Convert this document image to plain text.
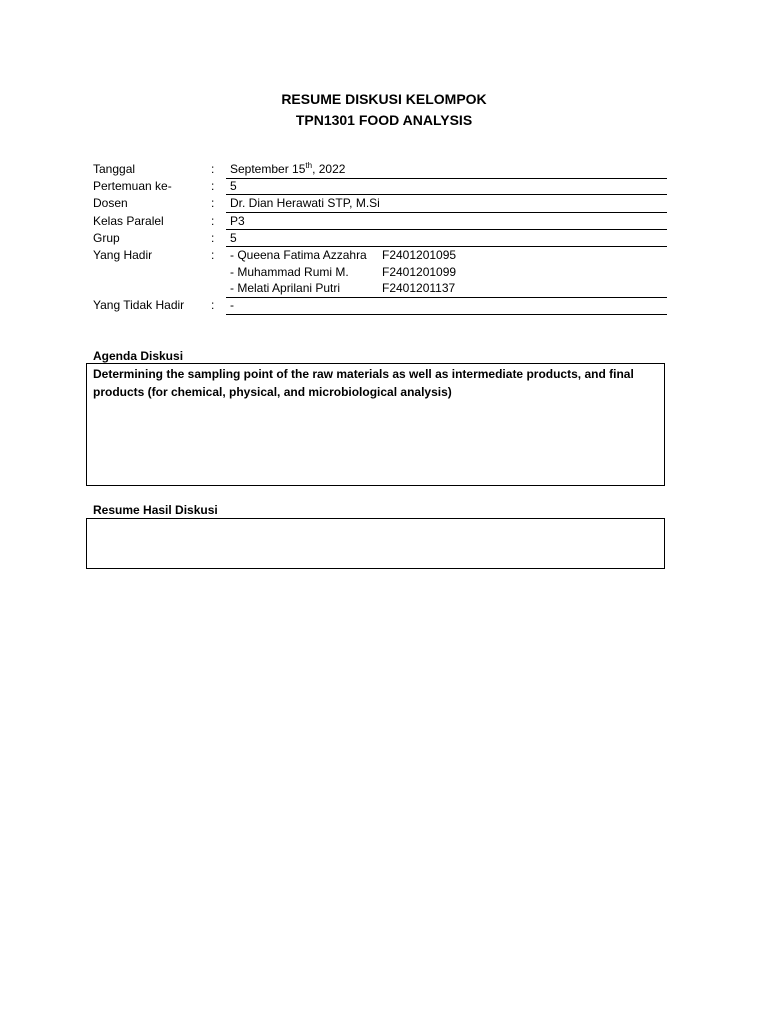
RESUME DISKUSI KELOMPOK
TPN1301 FOOD ANALYSIS
Tanggal	: September 15th, 2022
Pertemuan ke-	: 5
Dosen	: Dr. Dian Herawati STP, M.Si
Kelas Paralel	: P3
Grup	: 5
Yang Hadir	: - Queena Fatima Azzahra F2401201095
- Muhammad Rumi M.	F2401201099
- Melati Aprilani Putri	F2401201137
Yang Tidak Hadir : -
Agenda Diskusi
Determining the sampling point of the raw materials as well as intermediate products, and final products (for chemical, physical, and microbiological analysis)
Resume Hasil Diskusi
